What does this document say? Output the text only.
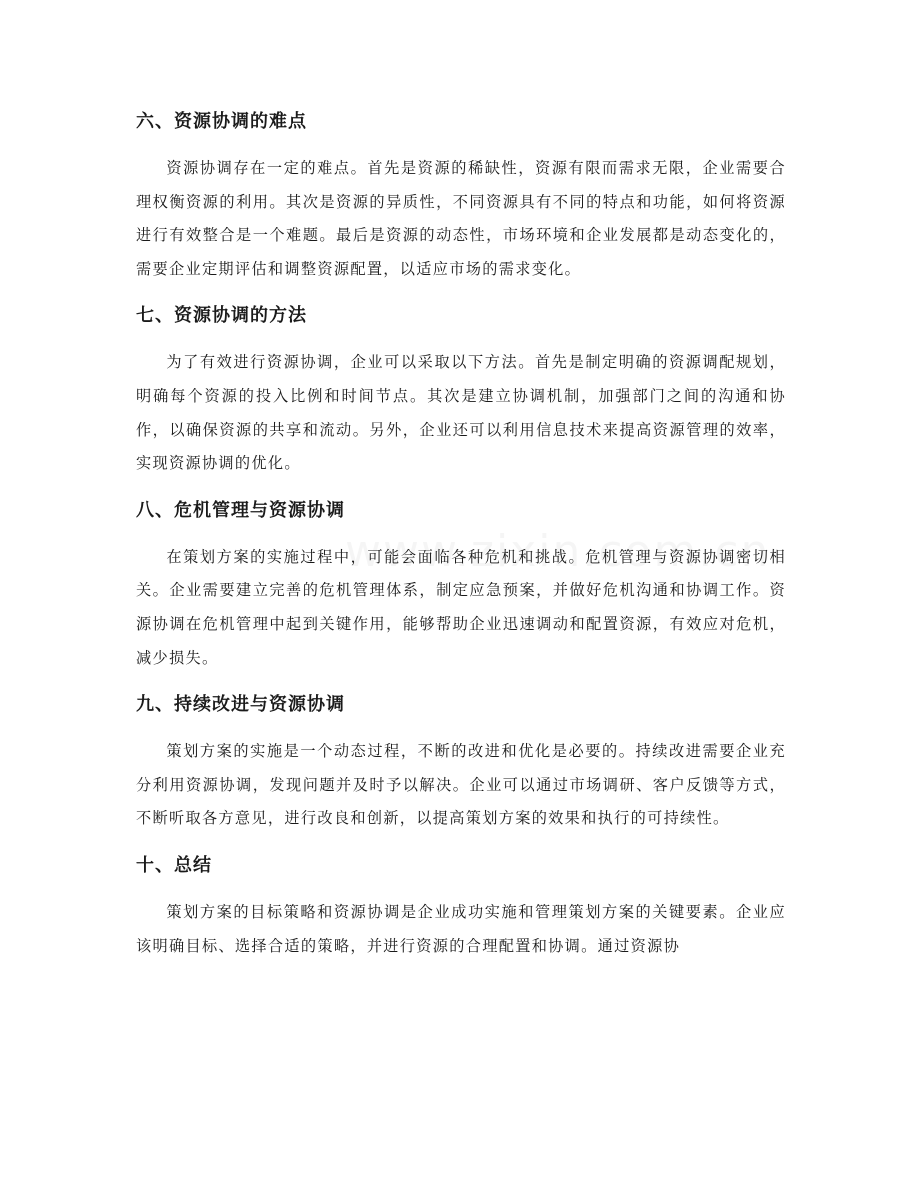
六、资源协调的难点

资源协调存在一定的难点。首先是资源的稀缺性，资源有限而需求无限，企业需要合理权衡资源的利用。其次是资源的异质性，不同资源具有不同的特点和功能，如何将资源进行有效整合是一个难题。最后是资源的动态性，市场环境和企业发展都是动态变化的，需要企业定期评估和调整资源配置，以适应市场的需求变化。

七、资源协调的方法

为了有效进行资源协调，企业可以采取以下方法。首先是制定明确的资源调配规划，明确每个资源的投入比例和时间节点。其次是建立协调机制，加强部门之间的沟通和协作，以确保资源的共享和流动。另外，企业还可以利用信息技术来提高资源管理的效率，实现资源协调的优化。

八、危机管理与资源协调

在策划方案的实施过程中，可能会面临各种危机和挑战。危机管理与资源协调密切相关。企业需要建立完善的危机管理体系，制定应急预案，并做好危机沟通和协调工作。资源协调在危机管理中起到关键作用，能够帮助企业迅速调动和配置资源，有效应对危机，减少损失。

九、持续改进与资源协调

策划方案的实施是一个动态过程，不断的改进和优化是必要的。持续改进需要企业充分利用资源协调，发现问题并及时予以解决。企业可以通过市场调研、客户反馈等方式，不断听取各方意见，进行改良和创新，以提高策划方案的效果和执行的可持续性。

十、总结

策划方案的目标策略和资源协调是企业成功实施和管理策划方案的关键要素。企业应该明确目标、选择合适的策略，并进行资源的合理配置和协调。通过资源协
